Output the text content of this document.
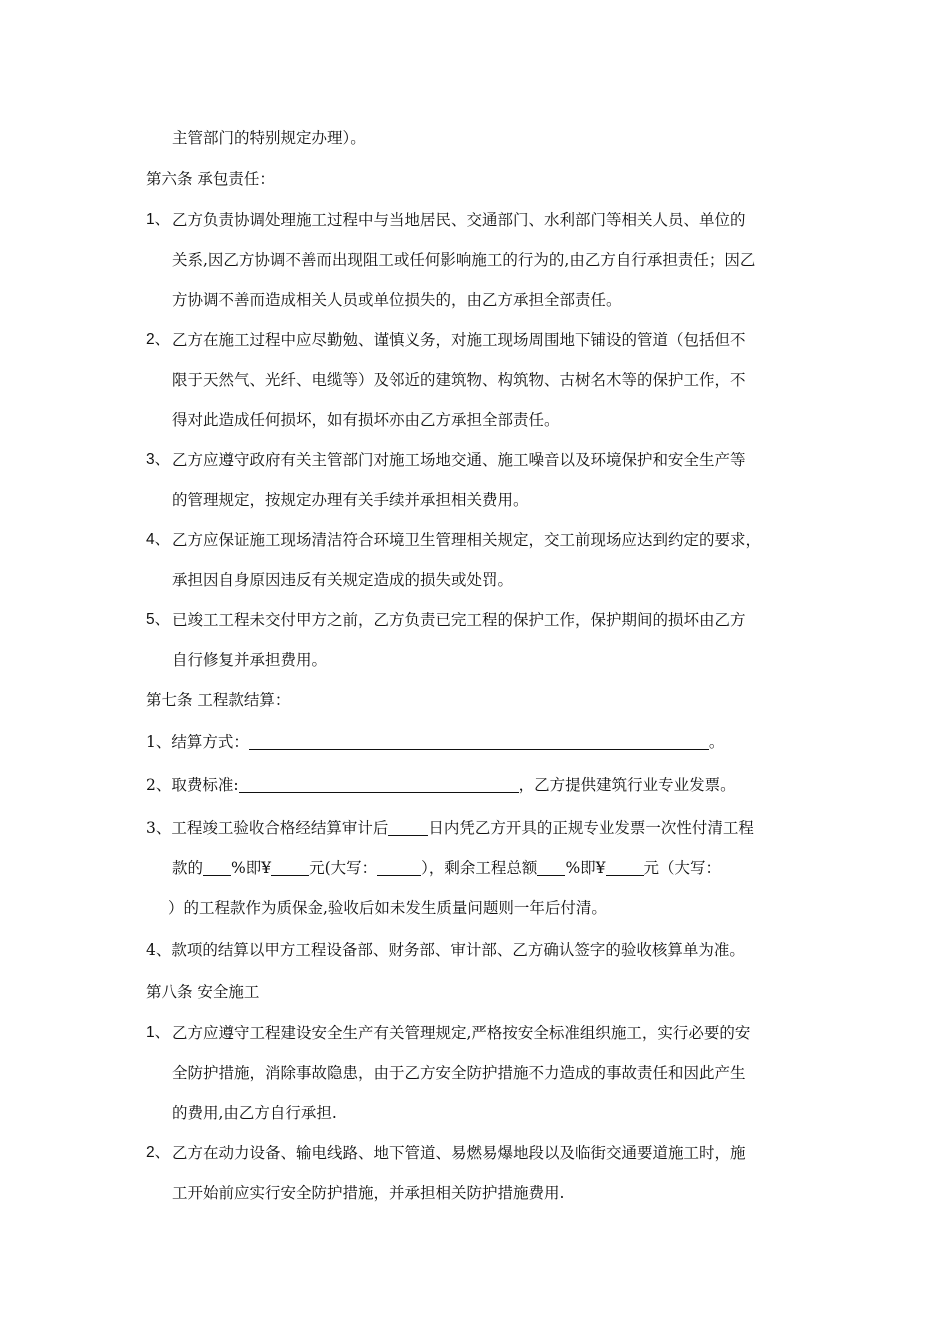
主管部门的特别规定办理）。
第六条 承包责任：
1、 乙方负责协调处理施工过程中与当地居民、交通部门、水利部门等相关人员、单位的
关系,因乙方协调不善而出现阻工或任何影响施工的行为的,由乙方自行承担责任；因乙
方协调不善而造成相关人员或单位损失的，由乙方承担全部责任。
2、 乙方在施工过程中应尽勤勉、谨慎义务，对施工现场周围地下铺设的管道（包括但不
限于天然气、光纤、电缆等）及邻近的建筑物、构筑物、古树名木等的保护工作，不
得对此造成任何损坏，如有损坏亦由乙方承担全部责任。
3、 乙方应遵守政府有关主管部门对施工场地交通、施工噪音以及环境保护和安全生产等
的管理规定，按规定办理有关手续并承担相关费用。
4、 乙方应保证施工现场清洁符合环境卫生管理相关规定，交工前现场应达到约定的要求，
承担因自身原因违反有关规定造成的损失或处罚。
5、 已竣工工程未交付甲方之前，乙方负责已完工程的保护工作，保护期间的损坏由乙方
自行修复并承担费用。
第七条 工程款结算：
1、结算方式：	。
2、取费标准:	，乙方提供建筑行业专业发票。
3、工程竣工验收合格经结算审计后	日内凭乙方开具的正规专业发票一次性付清工程
款的 %即¥ 元(大写：	），剩余工程总额 %即¥ 元（大写：
）的工程款作为质保金,验收后如未发生质量问题则一年后付清。
4、款项的结算以甲方工程设备部、财务部、审计部、乙方确认签字的验收核算单为准。
第八条 安全施工
1、 乙方应遵守工程建设安全生产有关管理规定,严格按安全标准组织施工，实行必要的安
全防护措施，消除事故隐患，由于乙方安全防护措施不力造成的事故责任和因此产生
的费用,由乙方自行承担.
2、 乙方在动力设备、输电线路、地下管道、易燃易爆地段以及临街交通要道施工时，施
工开始前应实行安全防护措施，并承担相关防护措施费用.
